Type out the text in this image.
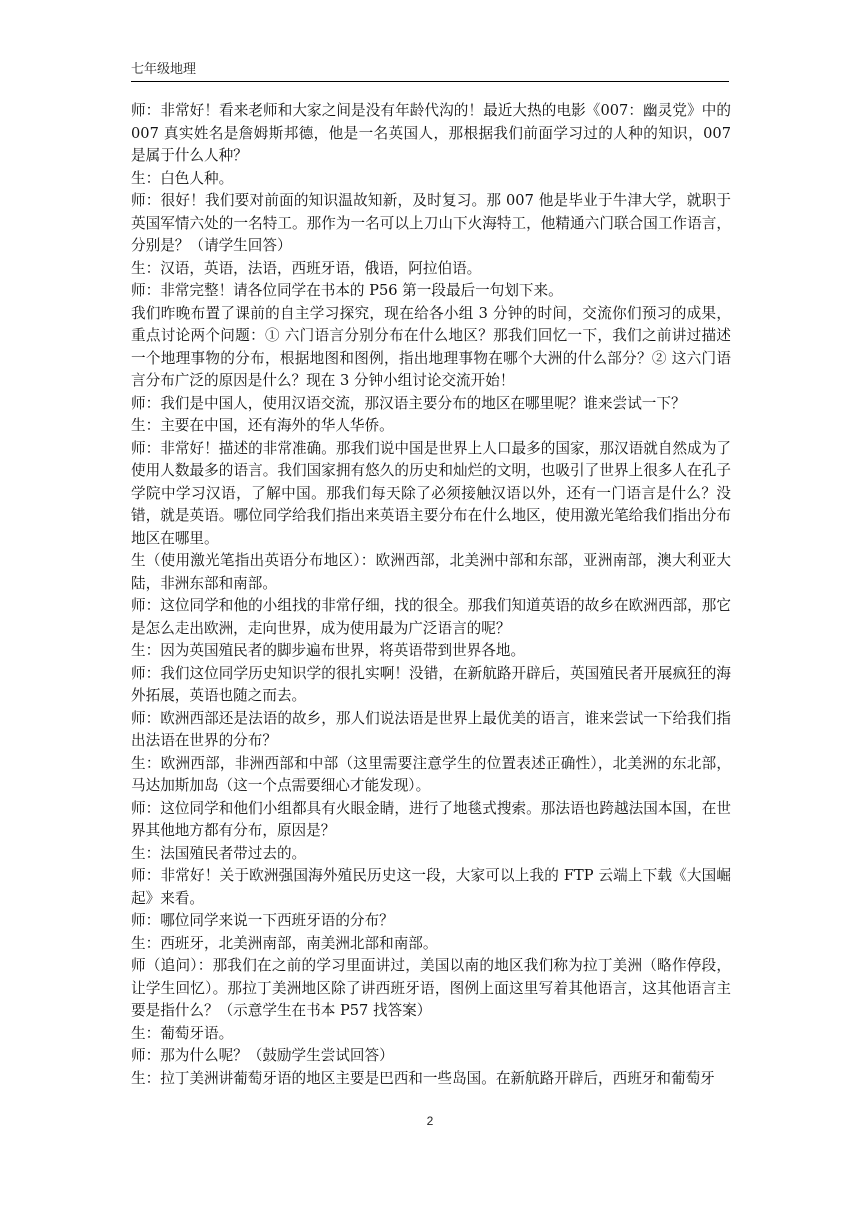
七年级地理

师：非常好！看来老师和大家之间是没有年龄代沟的！最近大热的电影《007：幽灵党》中的 007 真实姓名是詹姆斯邦德，他是一名英国人，那根据我们前面学习过的人种的知识，007 是属于什么人种？

生：白色人种。

师：很好！我们要对前面的知识温故知新，及时复习。那 007 他是毕业于牛津大学，就职于英国军情六处的一名特工。那作为一名可以上刀山下火海特工，他精通六门联合国工作语言，分别是？（请学生回答）

生：汉语，英语，法语，西班牙语，俄语，阿拉伯语。

师：非常完整！请各位同学在书本的 P56 第一段最后一句划下来。

我们昨晚布置了课前的自主学习探究，现在给各小组 3 分钟的时间，交流你们预习的成果，重点讨论两个问题：① 六门语言分别分布在什么地区？那我们回忆一下，我们之前讲过描述一个地理事物的分布，根据地图和图例，指出地理事物在哪个大洲的什么部分？② 这六门语言分布广泛的原因是什么？现在 3 分钟小组讨论交流开始！

师：我们是中国人，使用汉语交流，那汉语主要分布的地区在哪里呢？谁来尝试一下？

生：主要在中国，还有海外的华人华侨。

师：非常好！描述的非常准确。那我们说中国是世界上人口最多的国家，那汉语就自然成为了使用人数最多的语言。我们国家拥有悠久的历史和灿烂的文明，也吸引了世界上很多人在孔子学院中学习汉语，了解中国。那我们每天除了必须接触汉语以外，还有一门语言是什么？没错，就是英语。哪位同学给我们指出来英语主要分布在什么地区，使用激光笔给我们指出分布地区在哪里。

生（使用激光笔指出英语分布地区）：欧洲西部，北美洲中部和东部，亚洲南部，澳大利亚大陆，非洲东部和南部。

师：这位同学和他的小组找的非常仔细，找的很全。那我们知道英语的故乡在欧洲西部，那它是怎么走出欧洲，走向世界，成为使用最为广泛语言的呢？

生：因为英国殖民者的脚步遍布世界，将英语带到世界各地。

师：我们这位同学历史知识学的很扎实啊！没错，在新航路开辟后，英国殖民者开展疯狂的海外拓展，英语也随之而去。

师：欧洲西部还是法语的故乡，那人们说法语是世界上最优美的语言，谁来尝试一下给我们指出法语在世界的分布？

生：欧洲西部，非洲西部和中部（这里需要注意学生的位置表述正确性），北美洲的东北部，马达加斯加岛（这一个点需要细心才能发现）。

师：这位同学和他们小组都具有火眼金睛，进行了地毯式搜索。那法语也跨越法国本国，在世界其他地方都有分布，原因是？

生：法国殖民者带过去的。

师：非常好！关于欧洲强国海外殖民历史这一段，大家可以上我的 FTP 云端上下载《大国崛起》来看。

师：哪位同学来说一下西班牙语的分布？

生：西班牙，北美洲南部，南美洲北部和南部。

师（追问）：那我们在之前的学习里面讲过，美国以南的地区我们称为拉丁美洲（略作停段，让学生回忆）。那拉丁美洲地区除了讲西班牙语，图例上面这里写着其他语言，这其他语言主要是指什么？（示意学生在书本 P57 找答案）

生：葡萄牙语。

师：那为什么呢？（鼓励学生尝试回答）

生：拉丁美洲讲葡萄牙语的地区主要是巴西和一些岛国。在新航路开辟后，西班牙和葡萄牙

2
